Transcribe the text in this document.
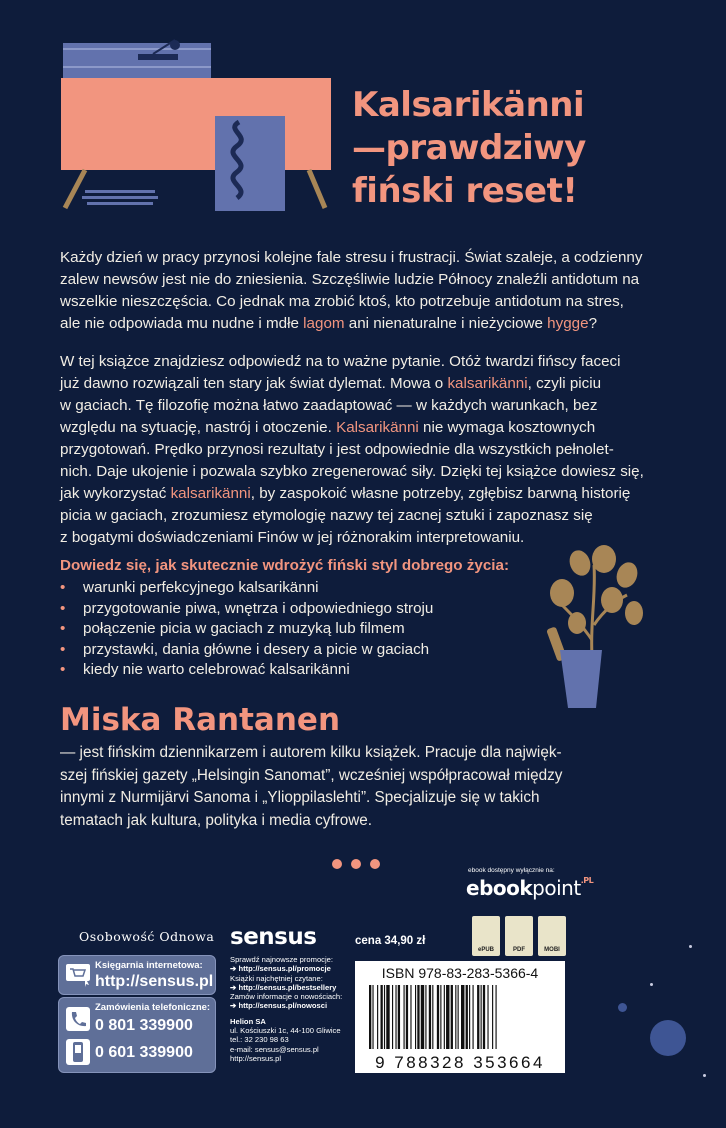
Kalsarikänni
—prawdziwy
fiński reset!
Każdy dzień w pracy przynosi kolejne fale stresu i frustracji. Świat szaleje, a codzienny
zalew newsów jest nie do zniesienia. Szczęśliwie ludzie Północy znaleźli antidotum na
wszelkie nieszczęścia. Co jednak ma zrobić ktoś, kto potrzebuje antidotum na stres,
ale nie odpowiada mu nudne i mdłe lagom ani nienaturalne i nieżyciowe hygge?
W tej książce znajdziesz odpowiedź na to ważne pytanie. Otóż twardzi fińscy faceci
już dawno rozwiązali ten stary jak świat dylemat. Mowa o kalsarikänni, czyli piciu
w gaciach. Tę filozofię można łatwo zaadaptować — w każdych warunkach, bez
względu na sytuację, nastrój i otoczenie. Kalsarikänni nie wymaga kosztownych
przygotowań. Prędko przynosi rezultaty i jest odpowiednie dla wszystkich pełnolet-
nich. Daje ukojenie i pozwala szybko zregenerować siły. Dzięki tej książce dowiesz się,
jak wykorzystać kalsarikänni, by zaspokoić własne potrzeby, zgłębisz barwną historię
picia w gaciach, zrozumiesz etymologię nazwy tej zacnej sztuki i zapoznasz się
z bogatymi doświadczeniami Finów w jej różnorakim interpretowaniu.
Dowiedz się, jak skutecznie wdrożyć fiński styl dobrego życia:
• warunki perfekcyjnego kalsarikänni
• przygotowanie piwa, wnętrza i odpowiedniego stroju
• połączenie picia w gaciach z muzyką lub filmem
• przystawki, dania główne i desery a picie w gaciach
• kiedy nie warto celebrować kalsarikänni
Miska Rantanen
— jest fińskim dziennikarzem i autorem kilku książek. Pracuje dla najwięk-
szej fińskiej gazety „Helsingin Sanomat”, wcześniej współpracował między
innymi z Nurmijärvi Sanoma i „Ylioppilaslehti”. Specjalizuje się w takich
tematach jak kultura, polityka i media cyfrowe.
Osobowość Odnowa sensus
Księgarnia internetowa:
http://sensus.pl
Zamówienia telefoniczne:
0 801 339900
0 601 339900
Sprawdź najnowsze promocje:
➔ http://sensus.pl/promocje
Książki najchętniej czytane:
➔ http://sensus.pl/bestsellery
Zamów informacje o nowościach:
➔ http://sensus.pl/nowosci
Helion SA
ul. Kościuszki 1c, 44-100 Gliwice
tel.: 32 230 98 63
e-mail: sensus@sensus.pl
http://sensus.pl
cena 34,90 zł
ebook dostępny wyłącznie na:
ebookpoint$^{.PL}$
ePUB	PDF	MOBI
ISBN 978-83-283-5366-4
9 788328 353664
